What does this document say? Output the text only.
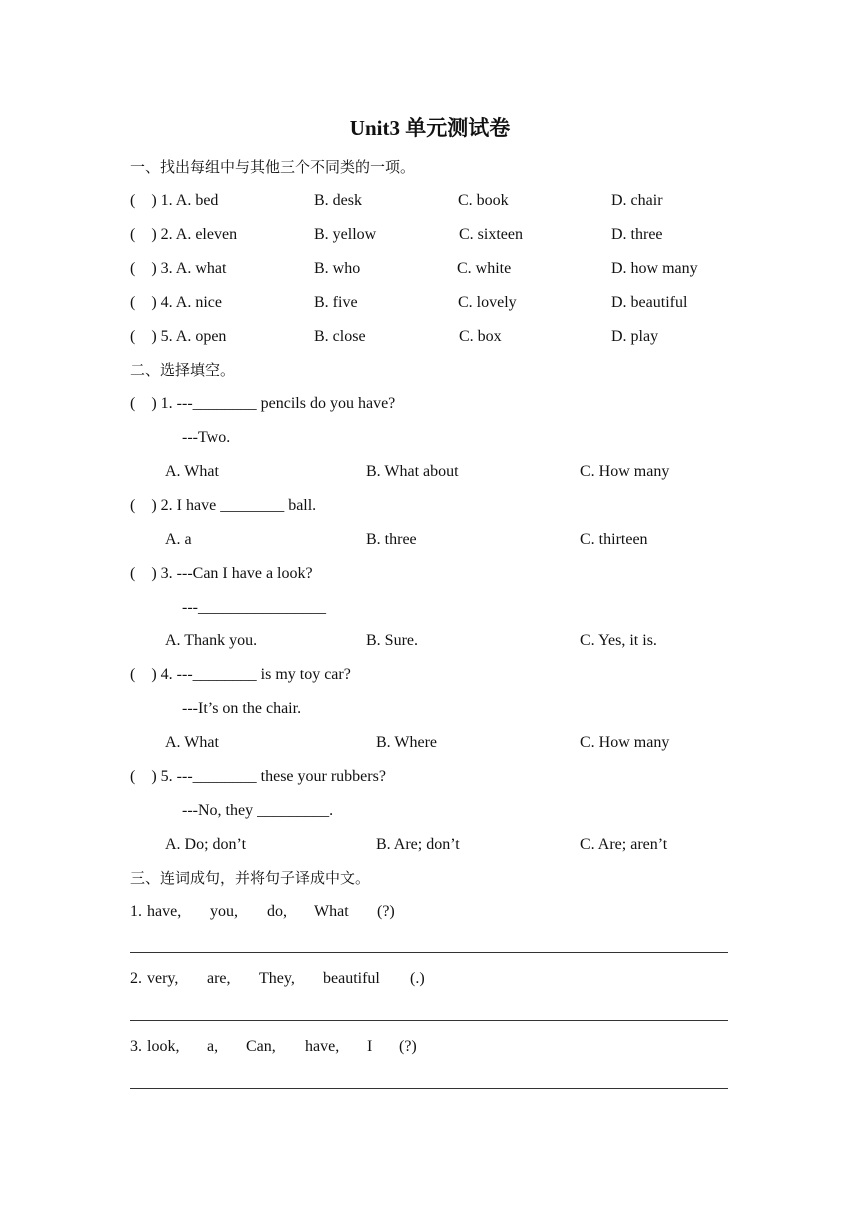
Unit3 单元测试卷
一、找出每组中与其他三个不同类的一项。
(    ) 1. A. bed	B. desk	C. book	D. chair
(    ) 2. A. eleven	B. yellow	C. sixteen	D. three
(    ) 3. A. what	B. who	C. white	D. how many
(    ) 4. A. nice	B. five	C. lovely	D. beautiful
(    ) 5. A. open	B. close	C. box	D. play
二、选择填空。
(    ) 1. ---________ pencils do you have?
---Two.
A. What	B. What about	C. How many
(    ) 2. I have ________ ball.
A. a	B. three	C. thirteen
(    ) 3. ---Can I have a look?
---________________
A. Thank you.	B. Sure.	C. Yes, it is.
(    ) 4. ---________ is my toy car?
---It’s on the chair.
A. What	B. Where	C. How many
(    ) 5. ---________ these your rubbers?
---No, they _________.
A. Do; don’t	B. Are; don’t	C. Are; aren’t
三、连词成句，并将句子译成中文。
1. have, you, do, What (?)
2. very, are, They, beautiful (.)
3. look, a, Can, have, I (?)
